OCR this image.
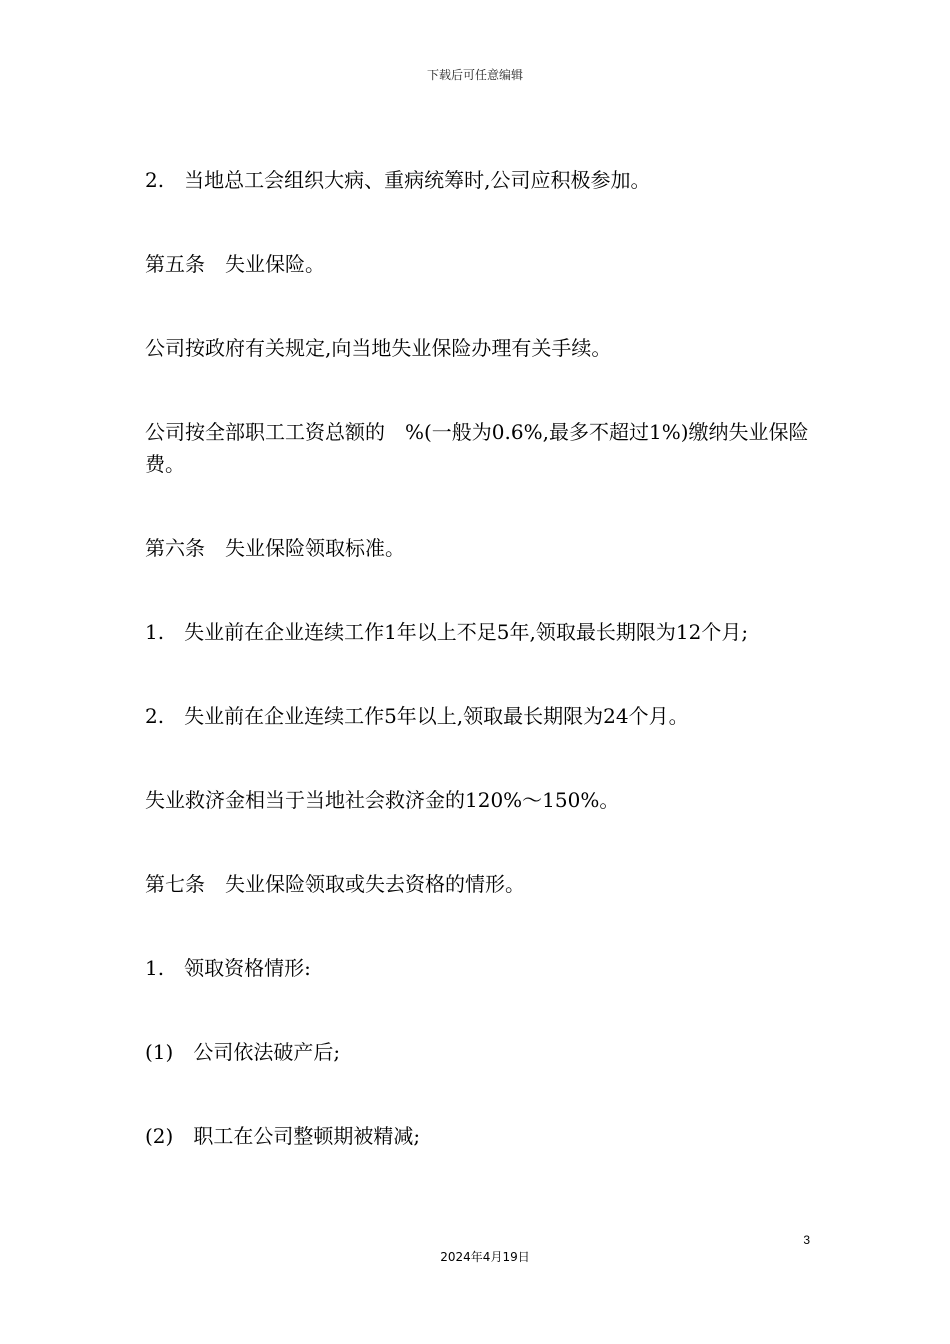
下载后可任意编辑

2.　当地总工会组织大病、重病统筹时,公司应积极参加。

第五条　失业保险。

公司按政府有关规定,向当地失业保险办理有关手续。

公司按全部职工工资总额的　%(一般为0.6%,最多不超过1%)缴纳失业保险费。

第六条　失业保险领取标准。

1.　失业前在企业连续工作1年以上不足5年,领取最长期限为12个月;

2.　失业前在企业连续工作5年以上,领取最长期限为24个月。

失业救济金相当于当地社会救济金的120%～150%。

第七条　失业保险领取或失去资格的情形。

1.　领取资格情形:

(1)　公司依法破产后;

(2)　职工在公司整顿期被精减;

3
2024年4月19日
